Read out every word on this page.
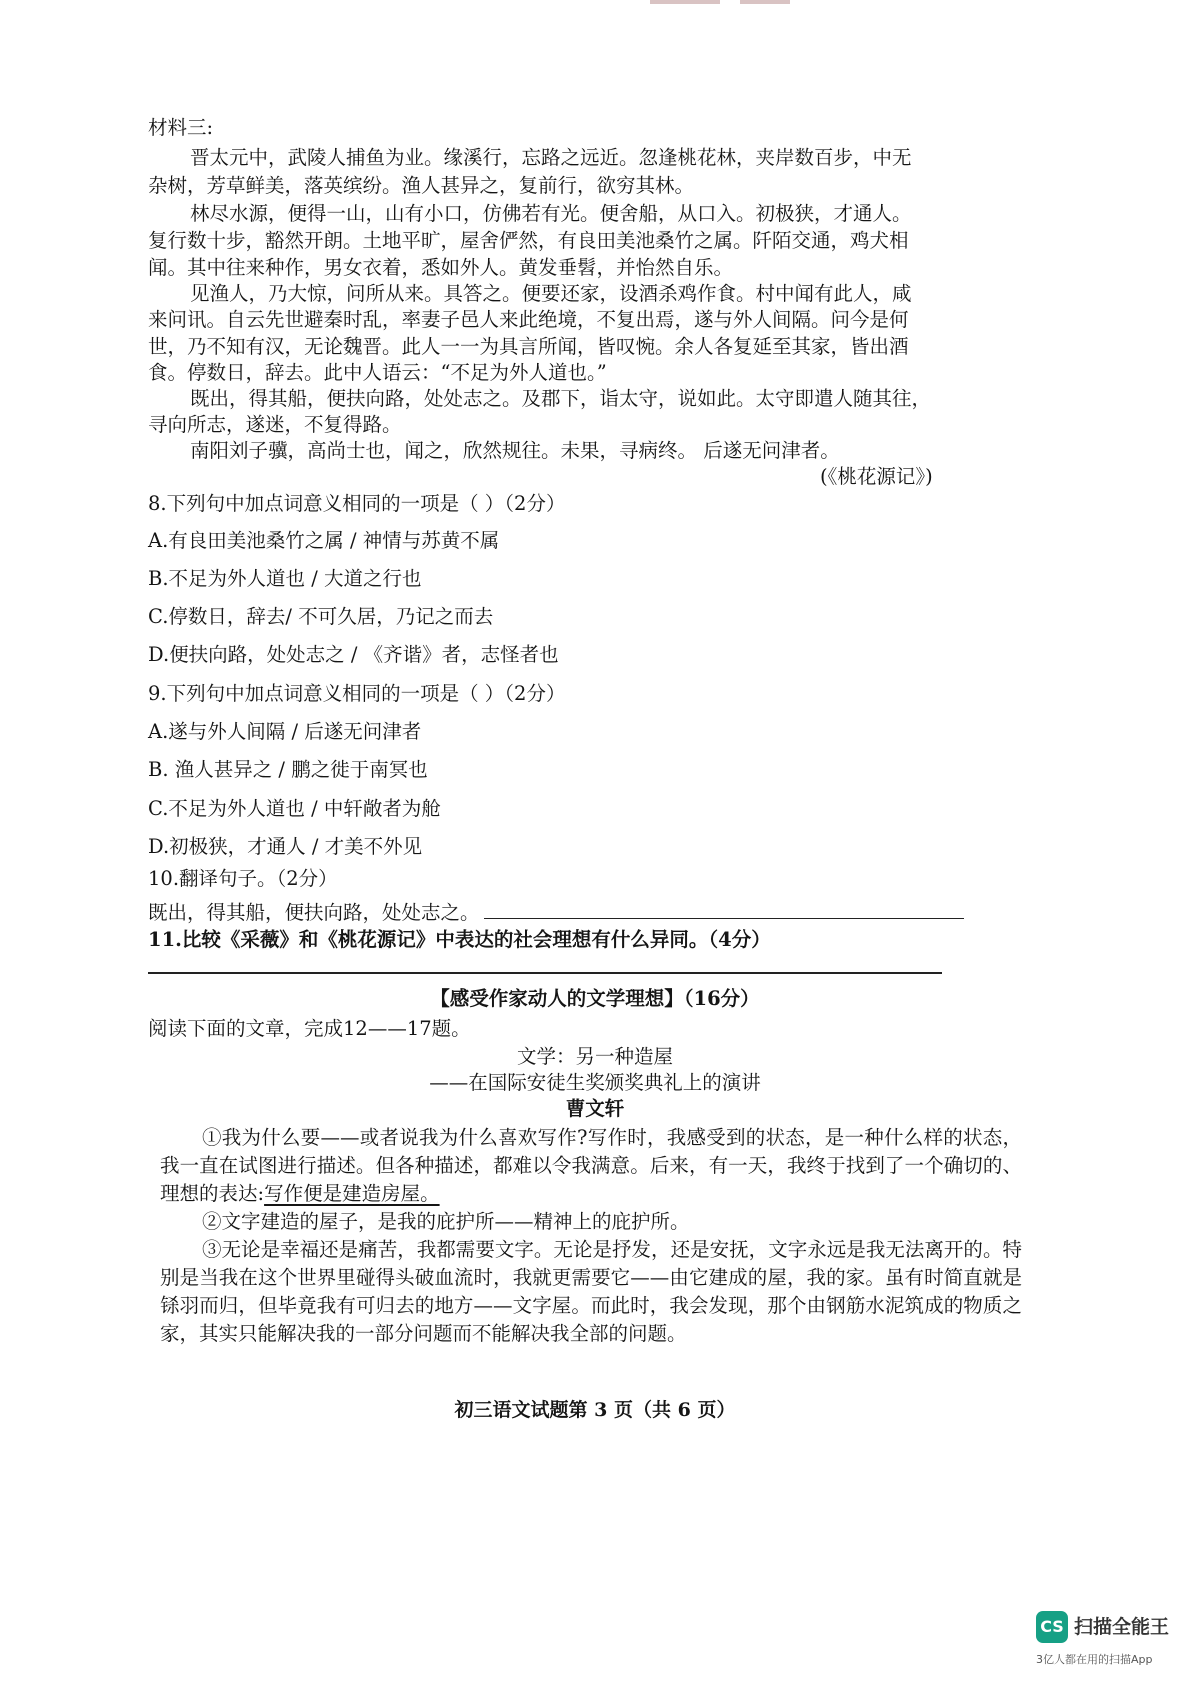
材料三:
晋太元中，武陵人捕鱼为业。缘溪行，忘路之远近。忽逢桃花林，夹岸数百步，中无
杂树，芳草鲜美，落英缤纷。渔人甚异之，复前行，欲穷其林。
林尽水源，便得一山，山有小口，仿佛若有光。便舍船，从口入。初极狭，才通人。
复行数十步，豁然开朗。土地平旷，屋舍俨然，有良田美池桑竹之属。阡陌交通，鸡犬相
闻。其中往来种作，男女衣着，悉如外人。黄发垂髫，并怡然自乐。
见渔人，乃大惊，问所从来。具答之。便要还家，设酒杀鸡作食。村中闻有此人，咸
来问讯。自云先世避秦时乱，率妻子邑人来此绝境，不复出焉，遂与外人间隔。问今是何
世，乃不知有汉，无论魏晋。此人一一为具言所闻，皆叹惋。余人各复延至其家，皆出酒
食。停数日，辞去。此中人语云：“不足为外人道也。”
既出，得其船，便扶向路，处处志之。及郡下，诣太守，说如此。太守即遣人随其往，
寻向所志，遂迷，不复得路。
南阳刘子骥，高尚士也，闻之，欣然规往。未果，寻病终。 后遂无问津者。
(《桃花源记》)
8.下列句中加点词意义相同的一项是（ ）（2分）
A.有良田美池桑竹之属 / 神情与苏黄不属
B.不足为外人道也 / 大道之行也
C.停数日，辞去/ 不可久居，乃记之而去
D.便扶向路，处处志之 / 《齐谐》者，志怪者也
9.下列句中加点词意义相同的一项是（ ）（2分）
A.遂与外人间隔 / 后遂无问津者
B. 渔人甚异之 / 鹏之徙于南冥也
C.不足为外人道也 / 中轩敞者为舱
D.初极狭，才通人 / 才美不外见
10.翻译句子。（2分）
既出，得其船，便扶向路，处处志之。
11.比较《采薇》和《桃花源记》中表达的社会理想有什么异同。（4分）
【感受作家动人的文学理想】（16分）
阅读下面的文章，完成12——17题。
文学：另一种造屋
——在国际安徒生奖颁奖典礼上的演讲
曹文轩
①我为什么要——或者说我为什么喜欢写作?写作时，我感受到的状态，是一种什么样的状态，我一直在试图进行描述。但各种描述，都难以令我满意。后来，有一天，我终于找到了一个确切的、理想的表达:写作便是建造房屋。
②文字建造的屋子，是我的庇护所——精神上的庇护所。
③无论是幸福还是痛苦，我都需要文字。无论是抒发，还是安抚，文字永远是我无法离开的。特别是当我在这个世界里碰得头破血流时，我就更需要它——由它建成的屋，我的家。虽有时简直就是铩羽而归，但毕竟我有可归去的地方——文字屋。而此时，我会发现，那个由钢筋水泥筑成的物质之家，其实只能解决我的一部分问题而不能解决我全部的问题。
初三语文试题第 3 页（共 6 页）
CS 扫描全能王
3亿人都在用的扫描App
